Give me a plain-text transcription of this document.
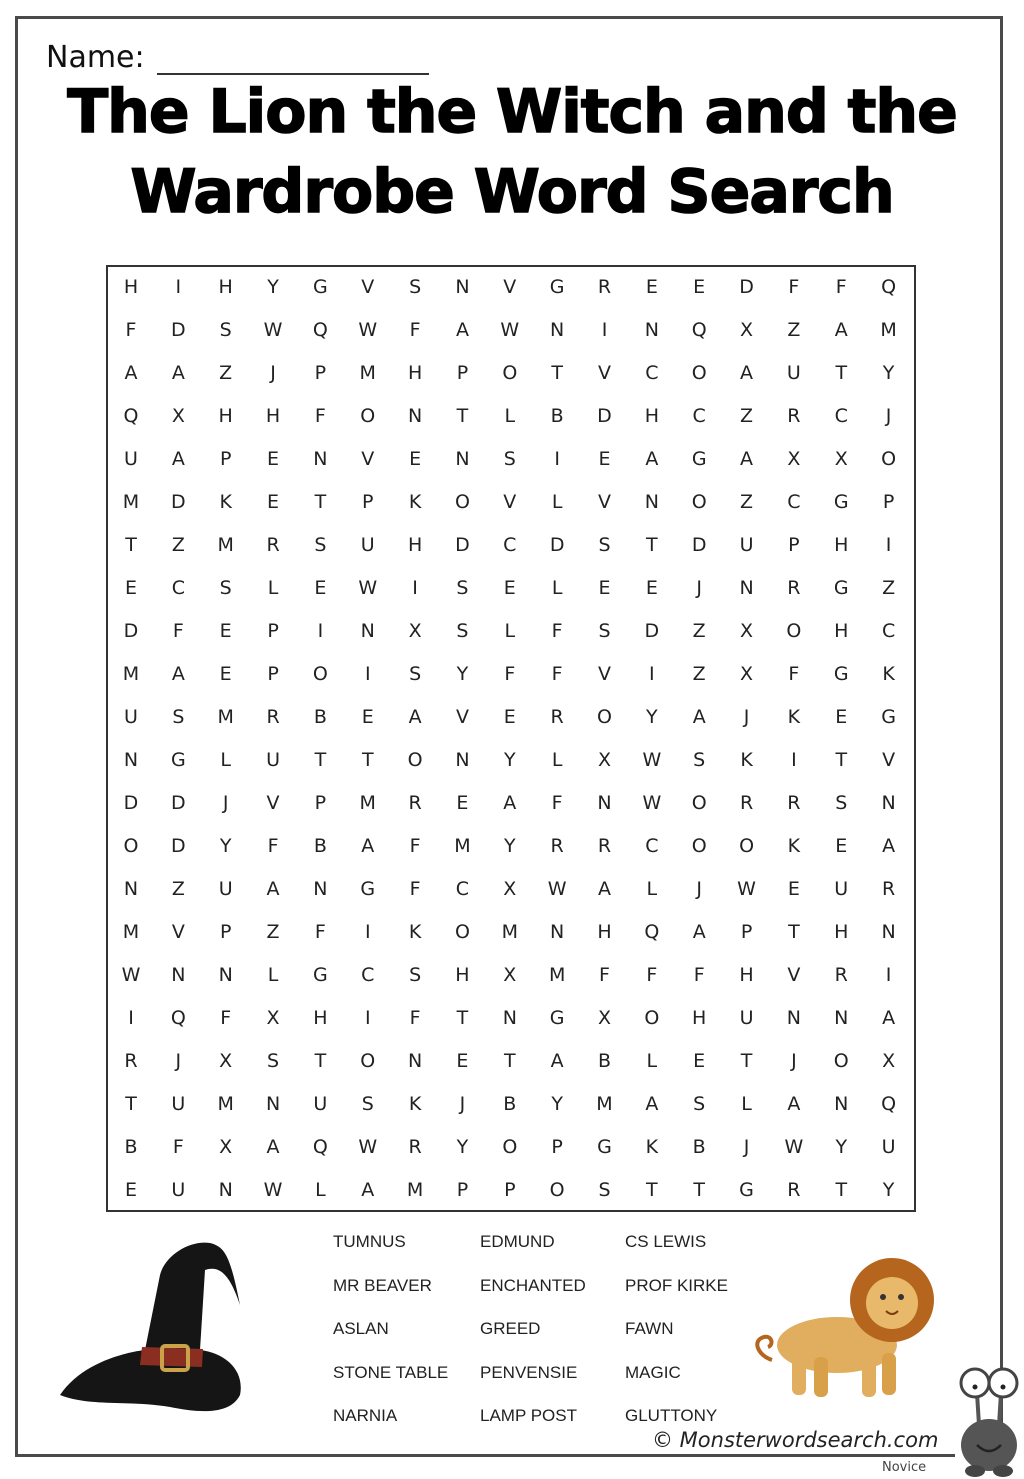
Name:
The Lion the Witch and the
Wardrobe Word Search
H	I	H	Y	G	V	S	N	V	G	R	E	E	D	F	F	Q
F	D	S	W	Q	W	F	A	W	N	I	N	Q	X	Z	A	M
A	A	Z	J	P	M	H	P	O	T	V	C	O	A	U	T	Y
Q	X	H	H	F	O	N	T	L	B	D	H	C	Z	R	C	J
U	A	P	E	N	V	E	N	S	I	E	A	G	A	X	X	O
M	D	K	E	T	P	K	O	V	L	V	N	O	Z	C	G	P
T	Z	M	R	S	U	H	D	C	D	S	T	D	U	P	H	I
E	C	S	L	E	W	I	S	E	L	E	E	J	N	R	G	Z
D	F	E	P	I	N	X	S	L	F	S	D	Z	X	O	H	C
M	A	E	P	O	I	S	Y	F	F	V	I	Z	X	F	G	K
U	S	M	R	B	E	A	V	E	R	O	Y	A	J	K	E	G
N	G	L	U	T	T	O	N	Y	L	X	W	S	K	I	T	V
D	D	J	V	P	M	R	E	A	F	N	W	O	R	R	S	N
O	D	Y	F	B	A	F	M	Y	R	R	C	O	O	K	E	A
N	Z	U	A	N	G	F	C	X	W	A	L	J	W	E	U	R
M	V	P	Z	F	I	K	O	M	N	H	Q	A	P	T	H	N
W	N	N	L	G	C	S	H	X	M	F	F	F	H	V	R	I
I	Q	F	X	H	I	F	T	N	G	X	O	H	U	N	N	A
R	J	X	S	T	O	N	E	T	A	B	L	E	T	J	O	X
T	U	M	N	U	S	K	J	B	Y	M	A	S	L	A	N	Q
B	F	X	A	Q	W	R	Y	O	P	G	K	B	J	W	Y	U
E	U	N	W	L	A	M	P	P	O	S	T	T	G	R	T	Y
TUMNUS
MR BEAVER
ASLAN
STONE TABLE
NARNIA
EDMUND
ENCHANTED
GREED
PENVENSIE
LAMP POST
CS LEWIS
PROF KIRKE
FAWN
MAGIC
GLUTTONY
© Monsterwordsearch.com
Novice
